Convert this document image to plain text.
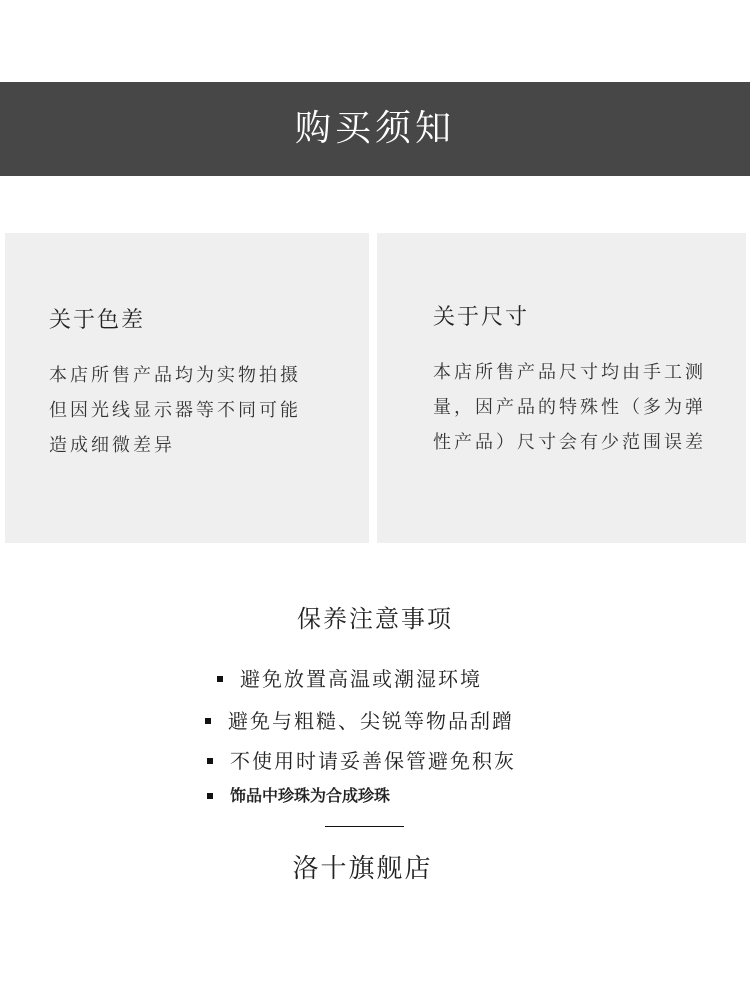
购买须知
关于色差

本店所售产品均为实物拍摄
但因光线显示器等不同可能
造成细微差异

关于尺寸

本店所售产品尺寸均由手工测
量，因产品的特殊性（多为弹
性产品）尺寸会有少范围误差

保养注意事项
避免放置高温或潮湿环境
避免与粗糙、尖锐等物品刮蹭
不使用时请妥善保管避免积灰
饰品中珍珠为合成珍珠
洛十旗舰店
